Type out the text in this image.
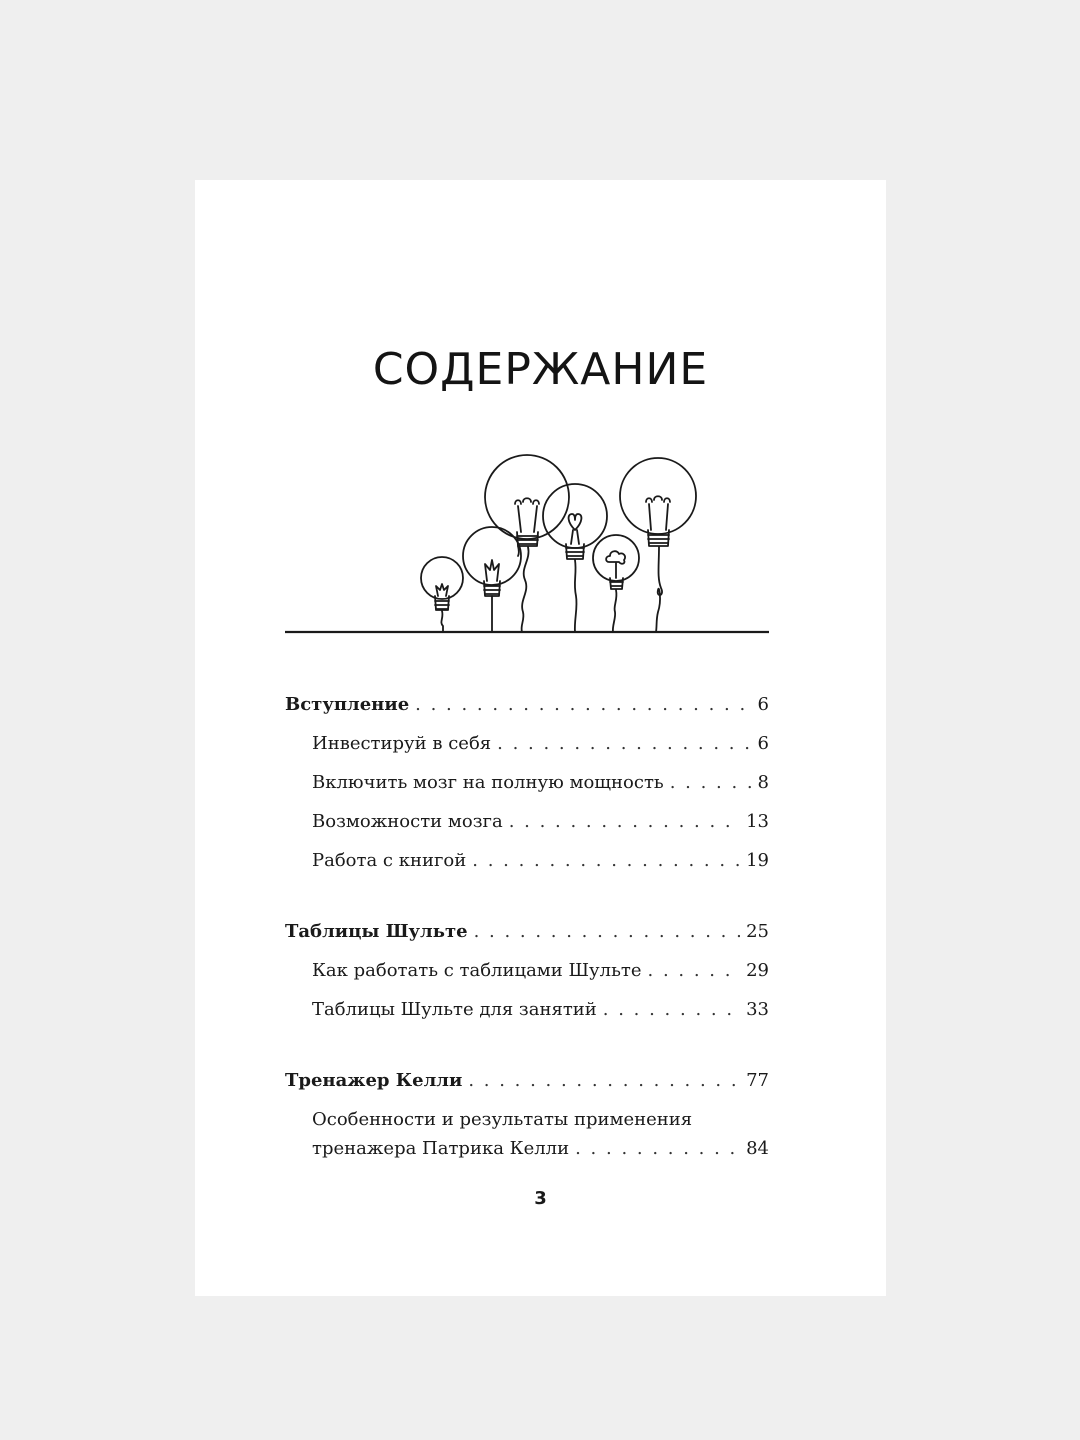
СОДЕРЖАНИЕ
Вступление . . .	6
Инвестируй в себя . . .	6
Включить мозг на полную мощность . . .	8
Возможности мозга . . .	13
Работа с книгой . . .	19
Таблицы Шульте . . .	25
Как работать с таблицами Шульте . . .	29
Таблицы Шульте для занятий . . .	33
Тренажер Келли . . .	77
Особенности и результаты применения
тренажера Патрика Келли . . .	84
3
